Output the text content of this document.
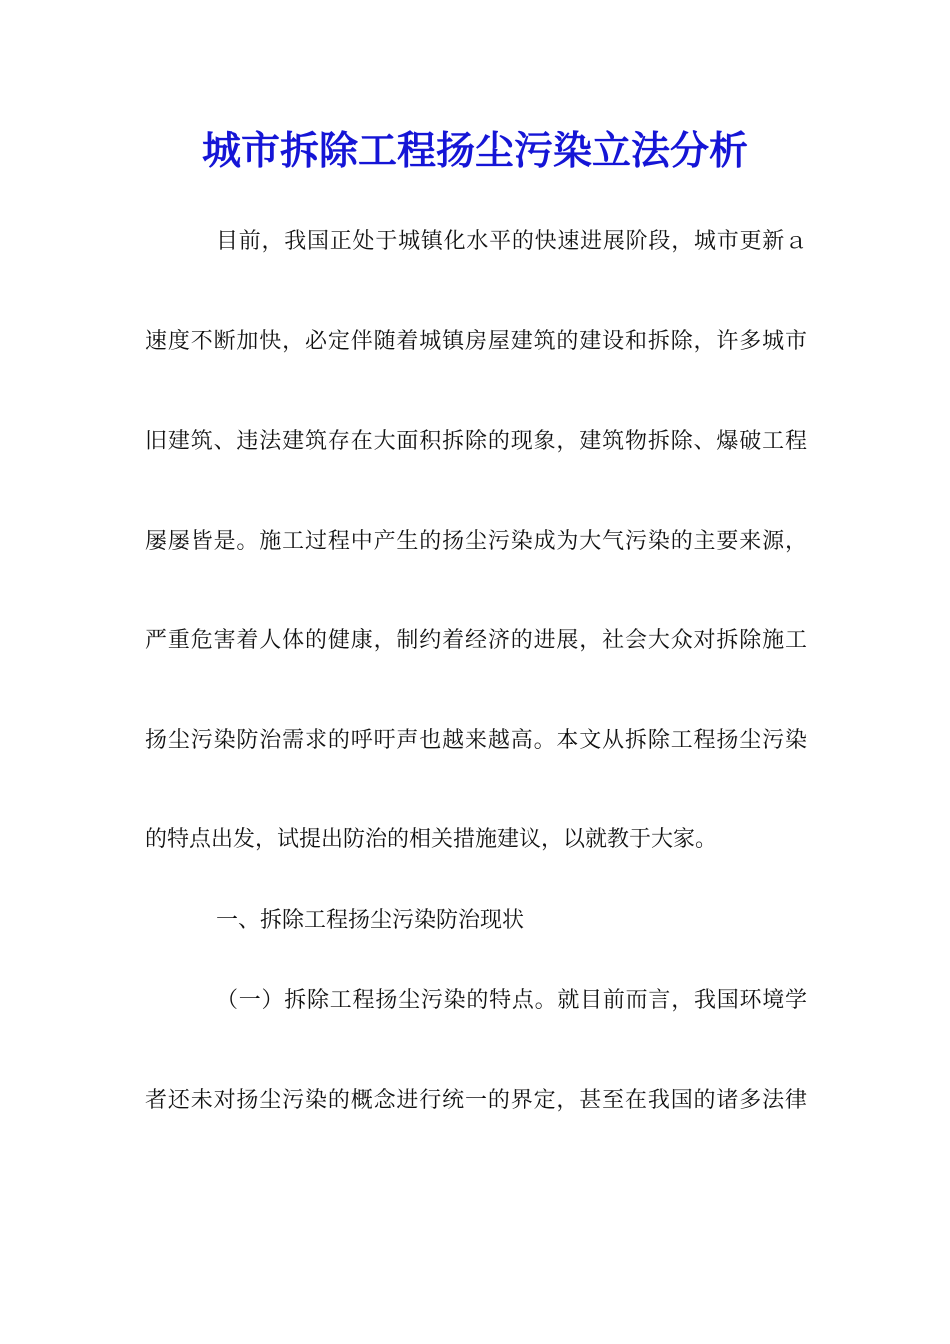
城市拆除工程扬尘污染立法分析
目前，我国正处于城镇化水平的快速进展阶段，城市更新ａ
速度不断加快，必定伴随着城镇房屋建筑的建设和拆除，许多城市
旧建筑、违法建筑存在大面积拆除的现象，建筑物拆除、爆破工程
屡屡皆是。施工过程中产生的扬尘污染成为大气污染的主要来源，
严重危害着人体的健康，制约着经济的进展，社会大众对拆除施工
扬尘污染防治需求的呼吁声也越来越高。本文从拆除工程扬尘污染
的特点出发，试提出防治的相关措施建议，以就教于大家。
一、拆除工程扬尘污染防治现状
（一）拆除工程扬尘污染的特点。就目前而言，我国环境学
者还未对扬尘污染的概念进行统一的界定，甚至在我国的诸多法律
